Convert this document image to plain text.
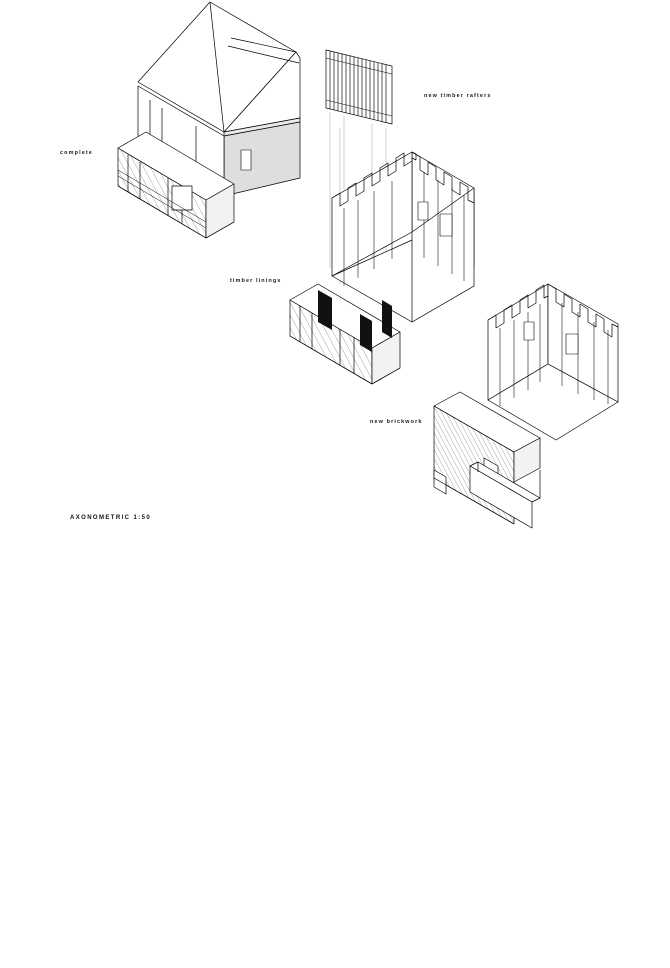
complete
timber linings
new timber rafters
new brickwork
AXONOMETRIC 1:50
